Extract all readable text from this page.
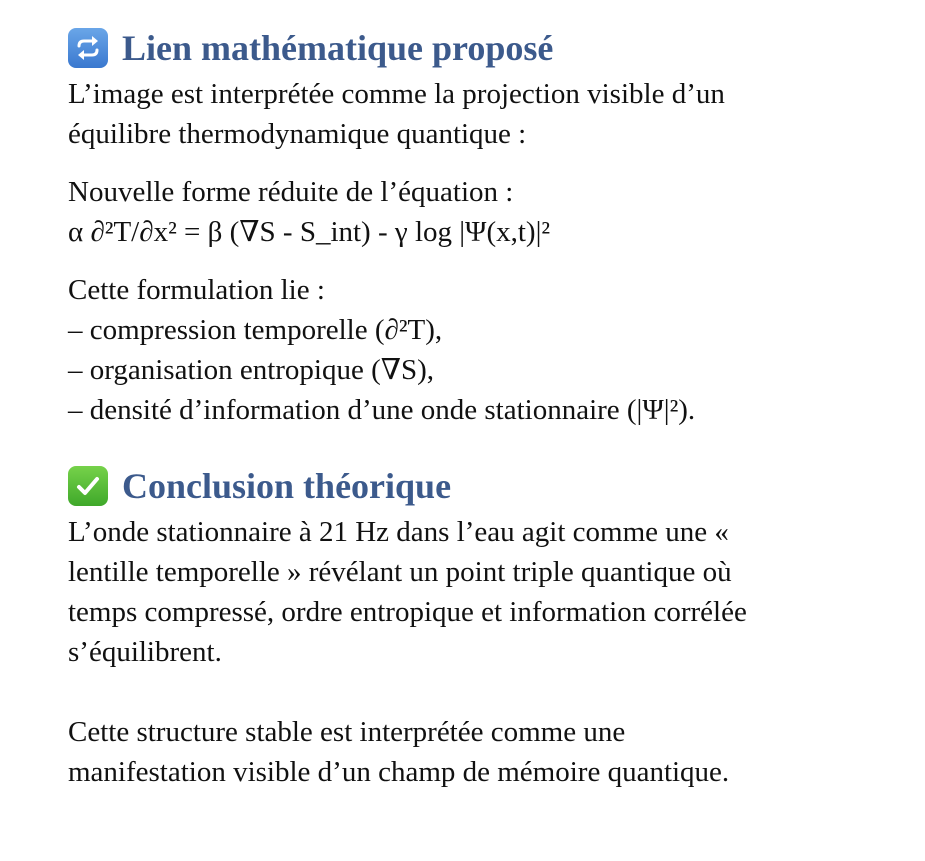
Lien mathématique proposé

L’image est interprétée comme la projection visible d’un
équilibre thermodynamique quantique :

Nouvelle forme réduite de l’équation :
α ∂²T/∂x² = β (∇S - S_int) - γ log |Ψ(x,t)|²

Cette formulation lie :
– compression temporelle (∂²T),
– organisation entropique (∇S),
– densité d’information d’une onde stationnaire (|Ψ|²).

Conclusion théorique

L’onde stationnaire à 21 Hz dans l’eau agit comme une «
lentille temporelle » révélant un point triple quantique où
temps compressé, ordre entropique et information corrélée
s’équilibrent.

Cette structure stable est interprétée comme une
manifestation visible d’un champ de mémoire quantique.
